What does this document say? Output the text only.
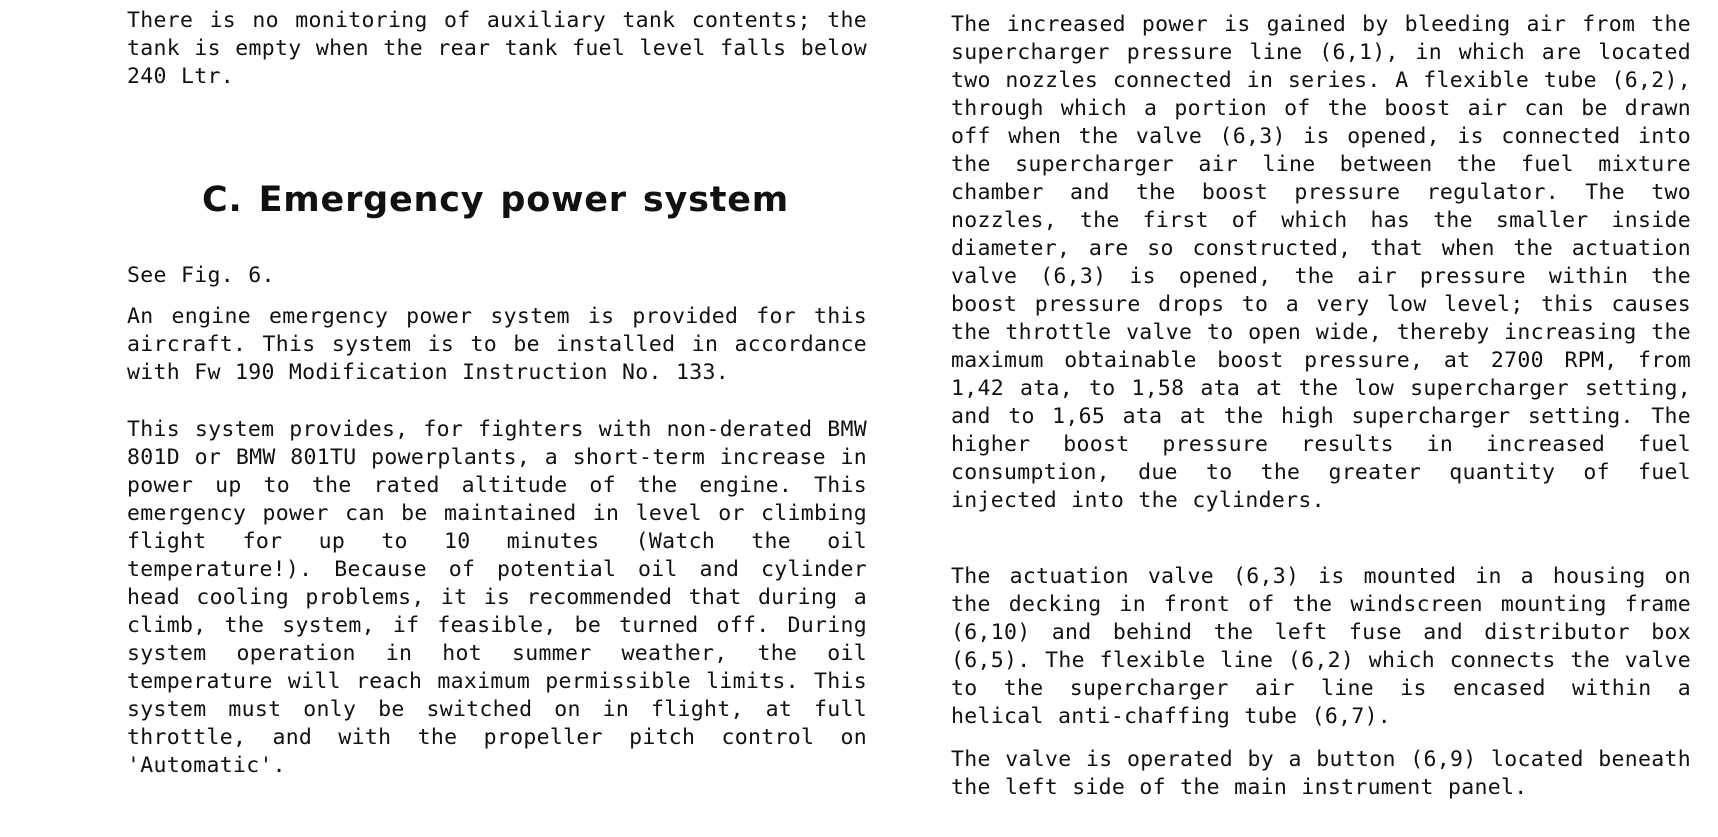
There is no monitoring of auxiliary tank contents; the tank is empty when the rear tank fuel level falls below 240 Ltr.

C. Emergency power system

See Fig. 6.

An engine emergency power system is provided for this aircraft. This system is to be installed in accordance with Fw 190 Modification Instruction No. 133.

This system provides, for fighters with non-derated BMW 801D or BMW 801TU powerplants, a short-term increase in power up to the rated altitude of the engine. This emergency power can be maintained in level or climbing flight for up to 10 minutes (Watch the oil temperature!). Because of potential oil and cylinder head cooling problems, it is recommended that during a climb, the system, if feasible, be turned off. During system operation in hot summer weather, the oil temperature will reach maximum permissible limits. This system must only be switched on in flight, at full throttle, and with the propeller pitch control on 'Automatic'.

The increased power is gained by bleeding air from the supercharger pressure line (6,1), in which are located two nozzles connected in series. A flexible tube (6,2), through which a portion of the boost air can be drawn off when the valve (6,3) is opened, is connected into the supercharger air line between the fuel mixture chamber and the boost pressure regulator. The two nozzles, the first of which has the smaller inside diameter, are so constructed, that when the actuation valve (6,3) is opened, the air pressure within the boost pressure drops to a very low level; this causes the throttle valve to open wide, thereby increasing the maximum obtainable boost pressure, at 2700 RPM, from 1,42 ata, to 1,58 ata at the low supercharger setting, and to 1,65 ata at the high supercharger setting. The higher boost pressure results in increased fuel consumption, due to the greater quantity of fuel injected into the cylinders.

The actuation valve (6,3) is mounted in a housing on the decking in front of the windscreen mounting frame (6,10) and behind the left fuse and distributor box (6,5). The flexible line (6,2) which connects the valve to the supercharger air line is encased within a helical anti-chaffing tube (6,7).

The valve is operated by a button (6,9) located beneath the left side of the main instrument panel.
